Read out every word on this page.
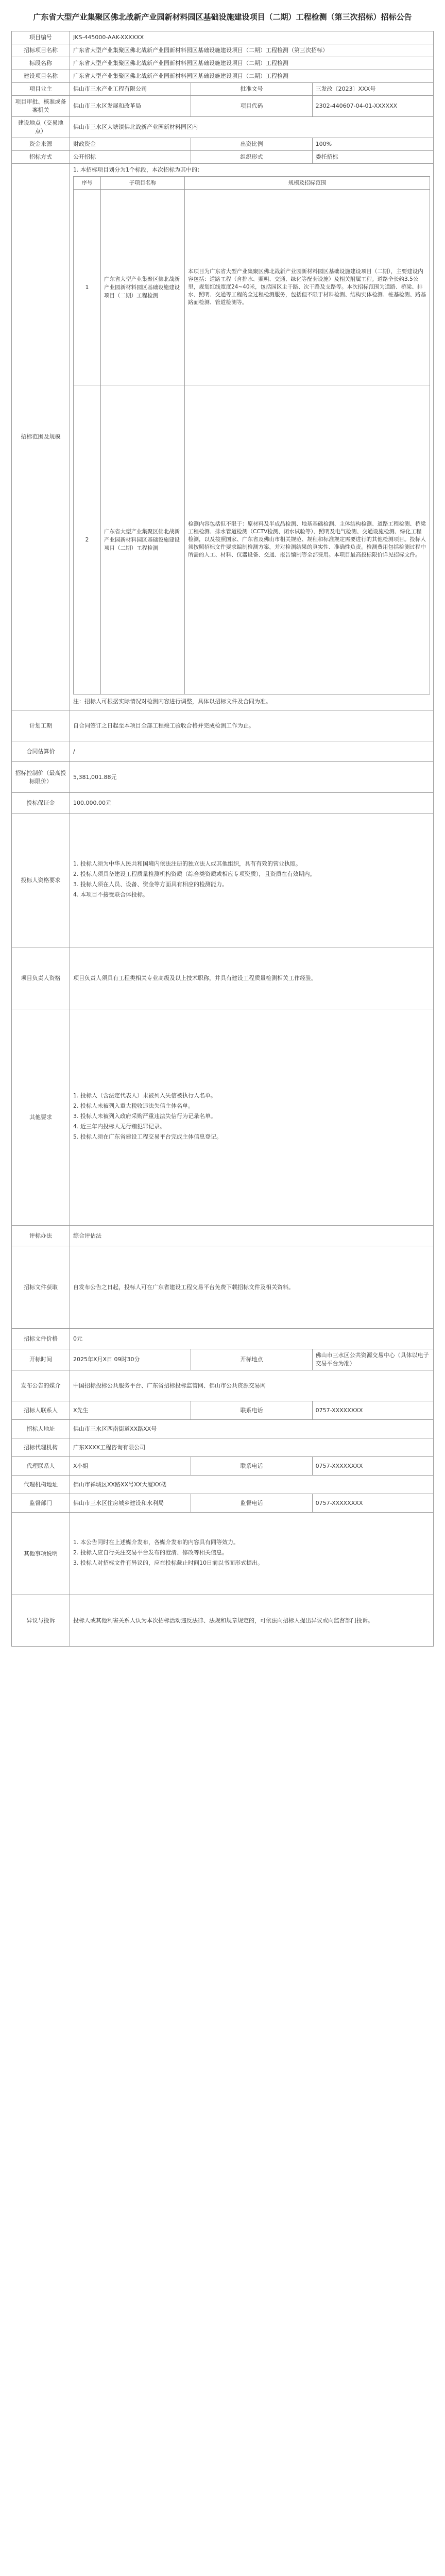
广东省大型产业集聚区佛北战新产业园新材料园区基础设施建设项目（二期）工程检测（第三次招标）招标公告
项目编号	JKS-445000-AAK-XXXXXX
招标项目名称	广东省大型产业集聚区佛北战新产业园新材料园区基础设施建设项目（二期）工程检测（第三次招标）
标段名称	广东省大型产业集聚区佛北战新产业园新材料园区基础设施建设项目（二期）工程检测
建设项目名称	广东省大型产业集聚区佛北战新产业园新材料园区基础设施建设项目（二期）工程检测
项目业主	佛山市三水产业工程有限公司	批准文号	三发改〔2023〕XXX号
项目审批、核准或备案机关	佛山市三水区发展和改革局	项目代码	2302-440607-04-01-XXXXXX
建设地点（交易地点）	佛山市三水区大塘镇佛北战新产业园新材料园区内
资金来源	财政资金	出资比例	100%
招标方式	公开招标	组织形式	委托招标
招标范围及规模	

1. 本招标项目划分为1个标段，本次招标为其中的：

序号	子项目名称	规模及招标范围
1	广东省大型产业集聚区佛北战新产业园新材料园区基础设施建设项目（二期）工程检测	本项目为广东省大型产业集聚区佛北战新产业园新材料园区基础设施建设项目（二期），主要建设内容包括：道路工程（含排水、照明、交通、绿化等配套设施）及相关附属工程。道路全长约3.5公里，规划红线宽度24~40米，包括园区主干路、次干路及支路等。本次招标范围为道路、桥梁、排水、照明、交通等工程的全过程检测服务，包括但不限于材料检测、结构实体检测、桩基检测、路基路面检测、管道检测等。
2	广东省大型产业集聚区佛北战新产业园新材料园区基础设施建设项目（二期）工程检测	检测内容包括但不限于：原材料及半成品检测、地基基础检测、主体结构检测、道路工程检测、桥梁工程检测、排水管道检测（CCTV检测、闭水试验等）、照明及电气检测、交通设施检测、绿化工程检测，以及按照国家、广东省及佛山市相关规范、规程和标准规定需要进行的其他检测项目。投标人须按照招标文件要求编制检测方案，并对检测结果的真实性、准确性负责。检测费用包括检测过程中所需的人工、材料、仪器设备、交通、报告编制等全部费用。本项目最高投标限价详见招标文件。

注：招标人可根据实际情况对检测内容进行调整，具体以招标文件及合同为准。

计划工期	自合同签订之日起至本项目全部工程竣工验收合格并完成检测工作为止。
合同估算价	/
招标控制价（最高投标限价）	5,381,001.88元
投标保证金	100,000.00元
投标人资格要求	

1. 投标人须为中华人民共和国境内依法注册的独立法人或其他组织，具有有效的营业执照。

2. 投标人须具备建设工程质量检测机构资质（综合类资质或相应专项资质），且资质在有效期内。

3. 投标人须在人员、设备、资金等方面具有相应的检测能力。

4. 本项目不接受联合体投标。

项目负责人资格	项目负责人须具有工程类相关专业高级及以上技术职称，并具有建设工程质量检测相关工作经验。
其他要求	

1. 投标人（含法定代表人）未被列入失信被执行人名单。

2. 投标人未被列入重大税收违法失信主体名单。

3. 投标人未被列入政府采购严重违法失信行为记录名单。

4. 近三年内投标人无行贿犯罪记录。

5. 投标人须在广东省建设工程交易平台完成主体信息登记。

评标办法	综合评估法
招标文件获取	自发布公告之日起，投标人可在广东省建设工程交易平台免费下载招标文件及相关资料。
招标文件价格	0元
开标时间	2025年X月X日 09时30分	开标地点	佛山市三水区公共资源交易中心（具体以电子交易平台为准）
发布公告的媒介	中国招标投标公共服务平台、广东省招标投标监管网、佛山市公共资源交易网
招标人联系人	X先生	联系电话	0757-XXXXXXXX
招标人地址	佛山市三水区西南街道XX路XX号
招标代理机构	广东XXXX工程咨询有限公司
代理联系人	X小姐	联系电话	0757-XXXXXXXX
代理机构地址	佛山市禅城区XX路XX号XX大厦XX楼
监督部门	佛山市三水区住房城乡建设和水利局	监督电话	0757-XXXXXXXX
其他事项说明	

1. 本公告同时在上述媒介发布，各媒介发布的内容具有同等效力。

2. 投标人应自行关注交易平台发布的澄清、修改等相关信息。

3. 投标人对招标文件有异议的，应在投标截止时间10日前以书面形式提出。

异议与投诉	投标人或其他利害关系人认为本次招标活动违反法律、法规和规章规定的，可依法向招标人提出异议或向监督部门投诉。
